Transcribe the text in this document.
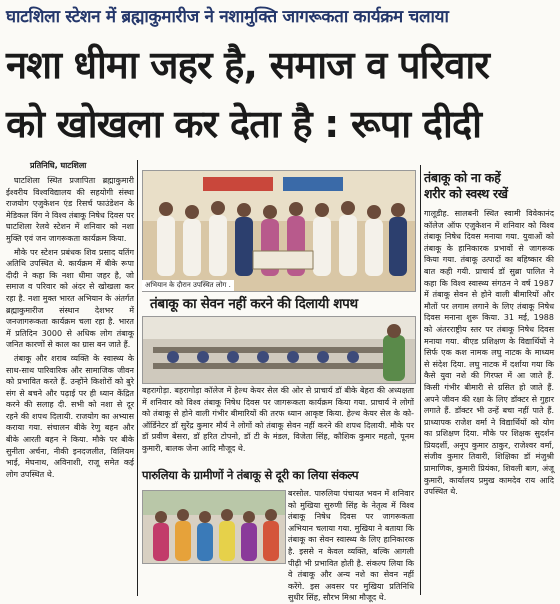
घाटशिला स्टेशन में ब्रह्माकुमारीज ने नशामुक्ति जागरूकता कार्यक्रम चलाया
नशा धीमा जहर है, समाज व परिवार
को खोखला कर देता है : रूपा दीदी
प्रतिनिधि, घाटशिला

घाटशिला स्थित प्रजापिता ब्रह्माकुमारी ईश्वरीय विश्वविद्यालय की सहयोगी संस्था राजयोग एजुकेशन एंड रिसर्च फाउंडेशन के मेडिकल विंग ने विश्व तंबाकू निषेध दिवस पर घाटशिला रेलवे स्टेशन में शनिवार को नशा मुक्ति एवं जन जागरूकता कार्यक्रम किया.

मौके पर स्टेशन प्रबंधक शिव प्रसाद यतिंग अतिथि उपस्थित थे. कार्यक्रम में बीके रूपा दीदी ने कहा कि नशा धीमा जहर है, जो समाज व परिवार को अंदर से खोखला कर रहा है. नशा मुक्त भारत अभियान के अंतर्गत ब्रह्माकुमारीज संस्थान देशभर में जनजागरूकता कार्यक्रम चला रहा है. भारत में प्रतिदिन 3000 से अधिक लोग तंबाकू जनित कारणों से काल का ग्रास बन जाते हैं.

तंबाकू और शराब व्यक्ति के स्वास्थ्य के साथ-साथ पारिवारिक और सामाजिक जीवन को प्रभावित करते हैं. उन्होंने किशोरों को बुरे संग से बचने और पढ़ाई पर ही ध्यान केंद्रित करने की सलाह दी. सभी को नशा से दूर रहने की शपथ दिलायी. राजयोग का अभ्यास कराया गया. संचालन बीके रेणु बहन और बीके आरती बहन ने किया. मौके पर बीके सुनीता अर्चना, नीकी इनदजलीत, विलियम भाई, मेघनाथ, अविनाशी, राजू समेत कई लोग उपस्थित थे.

अभियान के दौरान उपस्थित लोग .
तंबाकू का सेवन नहीं करने की दिलायी शपथ

बहरागोड़ा. बहरागोड़ा कॉलेज में हेल्थ केयर सेल की ओर से प्राचार्य डॉ बीके बेहरा की अध्यक्षता में शनिवार को विश्व तंबाकू निषेध दिवस पर जागरूकता कार्यक्रम किया गया. प्राचार्य ने लोगों को तंबाकू से होने वाली गंभीर बीमारियों की तरफ ध्यान आकृष्ट किया. हेल्थ केयर सेल के को-ऑर्डिनेटर डॉ सुरेंद्र कुमार मौर्य ने लोगों को तंबाकू सेवन नहीं करने की शपथ दिलायी. मौके पर डॉ प्रवीण बेसरा, डॉ हरित टोपनो, डॉ टी के मंडल, विजेता सिंह, कौशिक कुमार महतो, पूनम कुमारी, बालक जेना आदि मौजूद थे.

पारुलिया के ग्रामीणों ने तंबाकू से दूरी का लिया संकल्प

बरसोल. पारुलिया पंचायत भवन में शनिवार को मुखिया सुरुणी सिंह के नेतृत्व में विश्व तंबाकू निषेध दिवस पर जागरूकता अभियान चलाया गया. मुखिया ने बताया कि तंबाकू का सेवन स्वास्थ्य के लिए हानिकारक है. इससे न केवल व्यक्ति, बल्कि आगली पीढ़ी भी प्रभावित होती है. संकल्प लिया कि वे तंबाकू और अन्य नशे का सेवन नहीं करेंगे. इस अवसर पर मुखिया प्रतिनिधि सुधीर सिंह, सौरभ मिश्रा मौजूद थे.

तंबाकू को ना कहें
शरीर को स्वस्थ रखें

गालूडीह. सालबनी स्थित स्वामी विवेकानंद कॉलेज ऑफ एजुकेशन में शनिवार को विश्व तंबाकू निषेध दिवस मनाया गया. युवाओं को तंबाकू के हानिकारक प्रभावों से जागरूक किया गया. तंबाकू उत्पादों का बहिष्कार की बात कही गयी. प्राचार्य डॉ सुब्रा पालित ने कहा कि विश्व स्वास्थ्य संगठन ने वर्ष 1987 में तंबाकू सेवन से होने वाली बीमारियों और मौतों पर लगाम लगाने के लिए तंबाकू निषेध दिवस मनाना शुरू किया. 31 मई, 1988 को अंतरराष्ट्रीय स्तर पर तंबाकू निषेध दिवस मनाया गया. बीएड प्रशिक्षण के विद्यार्थियों ने सिर्फ एक कश नामक लघु नाटक के माध्यम से संदेश दिया. लघु नाटक में दर्शाया गया कि कैसे युवा नशे की गिरफ्त में आ जाते हैं. किसी गंभीर बीमारी से ग्रसित हो जाते हैं. अपने जीवन की रक्षा के लिए डॉक्टर से गुहार लगाते हैं. डॉक्टर भी उन्हें बचा नहीं पाते हैं. प्राध्यापक राजेश वर्मा ने विद्यार्थियों को योग का प्रशिक्षण दिया. मौके पर शिक्षक सुदर्शन प्रियदर्शी, अनूप कुमार ठाकुर, राजेश्वर वर्मा, संजीव कुमार तिवारी, शिक्षिका डॉ मंजुश्री प्रामाणिक, कुमारी प्रियंका, शिवली बाग, अंजू कुमारी, कार्यालय प्रमुख कामदेव राय आदि उपस्थित थे.
